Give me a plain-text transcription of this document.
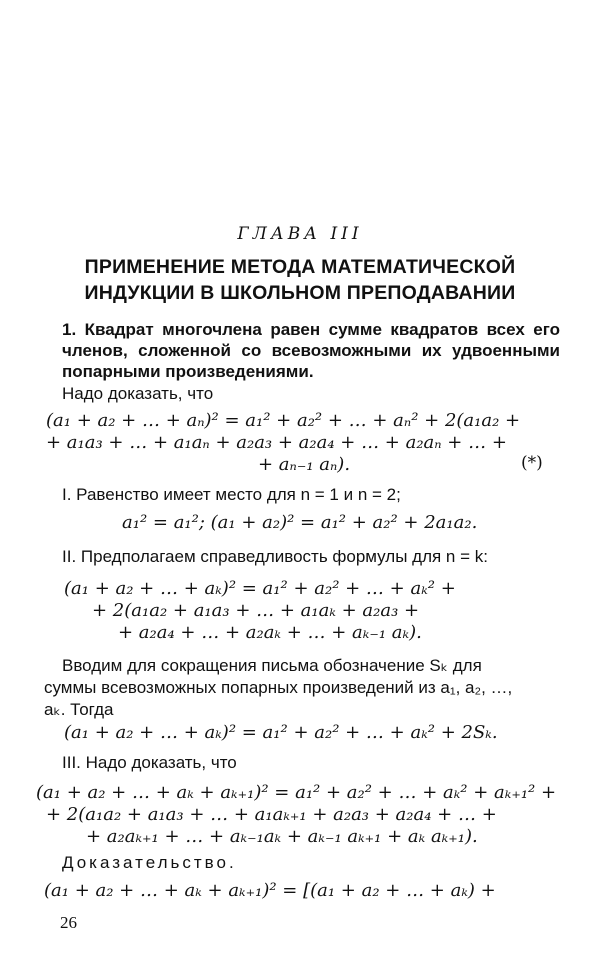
ГЛАВА III
ПРИМЕНЕНИЕ МЕТОДА МАТЕМАТИЧЕСКОЙ
ИНДУКЦИИ В ШКОЛЬНОМ ПРЕПОДАВАНИИ
1. Квадрат многочлена равен сумме квадратов всех его членов, сложенной со всевозможными их удвоенными попарными произведениями.
Надо доказать, что
(a₁ + a₂ + … + aₙ)² = a₁² + a₂² + … + aₙ² + 2(a₁a₂ +
+ a₁a₃ + … + a₁aₙ + a₂a₃ + a₂a₄ + … + a₂aₙ + … +
+ aₙ₋₁ aₙ).	(*)
I. Равенство имеет место для n = 1 и n = 2;
a₁² = a₁²; (a₁ + a₂)² = a₁² + a₂² + 2a₁a₂.
II. Предполагаем справедливость формулы для n = k:
(a₁ + a₂ + … + aₖ)² = a₁² + a₂² + … + aₖ² +
+ 2(a₁a₂ + a₁a₃ + … + a₁aₖ + a₂a₃ +
+ a₂a₄ + … + a₂aₖ + … + aₖ₋₁ aₖ).
Вводим для сокращения письма обозначение Sₖ для
суммы всевозможных попарных произведений из a₁, a₂, …,
aₖ. Тогда
(a₁ + a₂ + … + aₖ)² = a₁² + a₂² + … + aₖ² + 2Sₖ.
III. Надо доказать, что
(a₁ + a₂ + … + aₖ + aₖ₊₁)² = a₁² + a₂² + … + aₖ² + aₖ₊₁² +
+ 2(a₁a₂ + a₁a₃ + … + a₁aₖ₊₁ + a₂a₃ + a₂a₄ + … +
+ a₂aₖ₊₁ + … + aₖ₋₁aₖ + aₖ₋₁ aₖ₊₁ + aₖ aₖ₊₁).
Доказательство.
(a₁ + a₂ + … + aₖ + aₖ₊₁)² = [(a₁ + a₂ + … + aₖ) +
26
